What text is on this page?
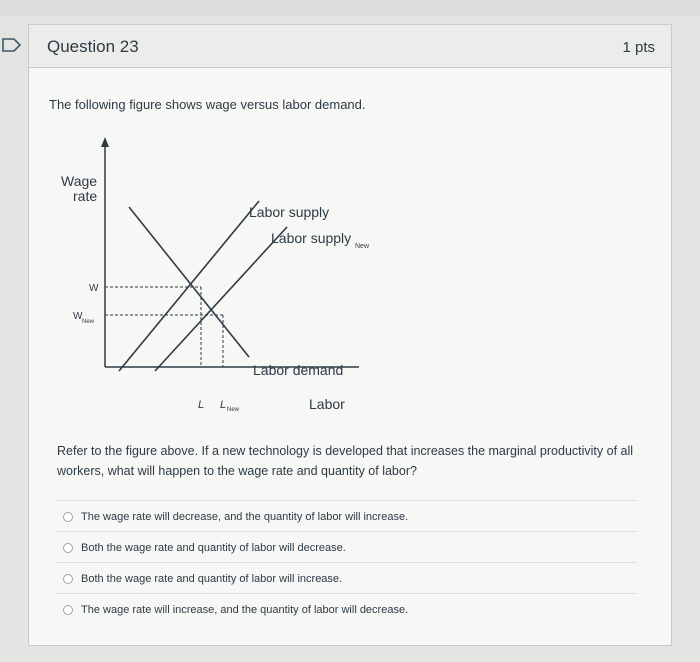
Question 23	1 pts
The following figure shows wage versus labor demand.
Wage
rate
W
W New
L L New	Labor
Labor supply
Labor supply
New
Labor demand
Refer to the figure above. If a new technology is developed that increases the marginal productivity of all workers, what will happen to the wage rate and quantity of labor?
The wage rate will decrease, and the quantity of labor will increase.
Both the wage rate and quantity of labor will decrease.
Both the wage rate and quantity of labor will increase.
The wage rate will increase, and the quantity of labor will decrease.
